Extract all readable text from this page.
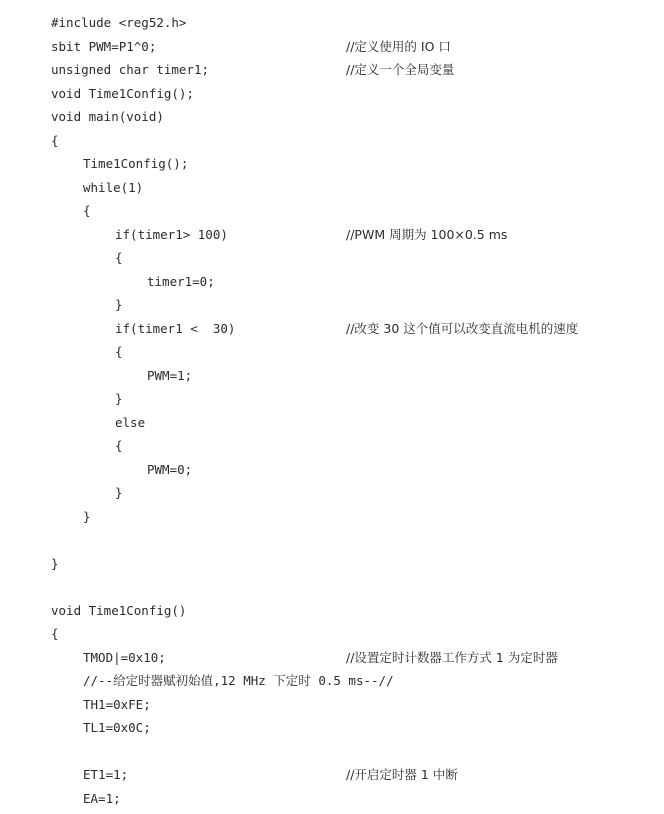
#include <reg52.h>
sbit PWM=P1^0;	//定义使用的 IO 口
unsigned char timer1;	//定义一个全局变量
void Time1Config();
void main(void)
{
Time1Config();
while(1)
{
if(timer1> 100)	//PWM 周期为 100×0.5 ms
{
timer1=0;
}
if(timer1 <  30)	//改变 30 这个值可以改变直流电机的速度
{
PWM=1;
}
else
{
PWM=0;
}
}
}
void Time1Config()
{
TMOD|=0x10;	//设置定时计数器工作方式 1 为定时器
//--给定时器赋初始值,12 MHz 下定时 0.5 ms--//
TH1=0xFE;
TL1=0x0C;
ET1=1;	//开启定时器 1 中断
EA=1;
